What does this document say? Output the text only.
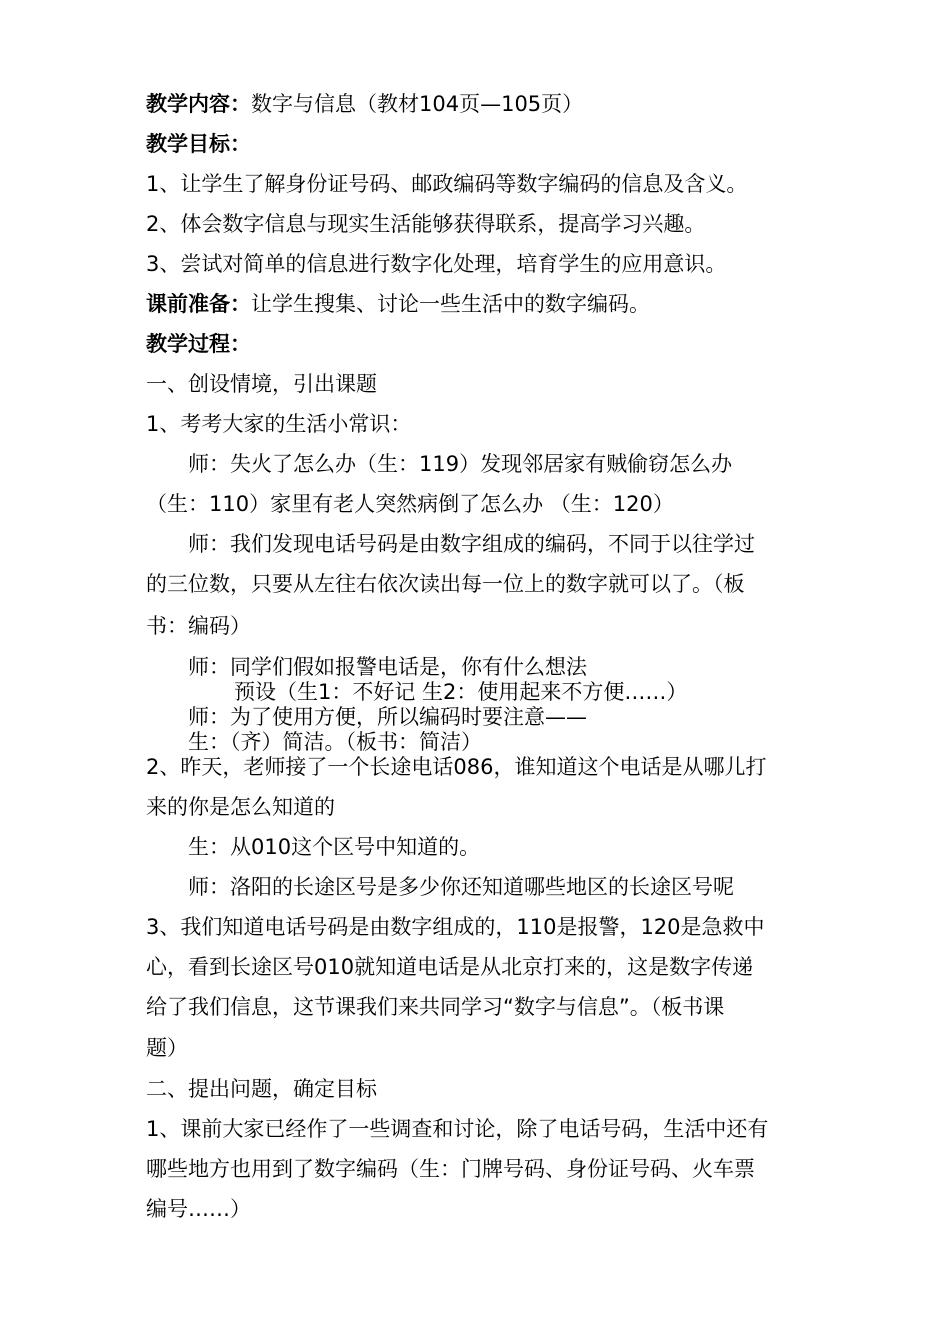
教学内容：数字与信息（教材104页—105页）
教学目标：
1、让学生了解身份证号码、邮政编码等数字编码的信息及含义。
2、体会数字信息与现实生活能够获得联系，提高学习兴趣。
3、尝试对简单的信息进行数字化处理，培育学生的应用意识。
课前准备：让学生搜集、讨论一些生活中的数字编码。
教学过程：
一、创设情境，引出课题
1、考考大家的生活小常识：
师：失火了怎么办（生：119）发现邻居家有贼偷窃怎么办
（生：110）家里有老人突然病倒了怎么办 （生：120）
师：我们发现电话号码是由数字组成的编码，不同于以往学过
的三位数，只要从左往右依次读出每一位上的数字就可以了。（板
书：编码）
师：同学们假如报警电话是，你有什么想法
预设（生1：不好记 生2：使用起来不方便……）
师：为了使用方便，所以编码时要注意——
生：（齐）简洁。（板书：简洁）
2、昨天，老师接了一个长途电话086，谁知道这个电话是从哪儿打
来的你是怎么知道的
生：从010这个区号中知道的。
师：洛阳的长途区号是多少你还知道哪些地区的长途区号呢
3、我们知道电话号码是由数字组成的，110是报警，120是急救中
心，看到长途区号010就知道电话是从北京打来的，这是数字传递
给了我们信息，这节课我们来共同学习“数字与信息”。（板书课
题）
二、提出问题，确定目标
1、课前大家已经作了一些调查和讨论，除了电话号码，生活中还有
哪些地方也用到了数字编码（生：门牌号码、身份证号码、火车票
编号……）
